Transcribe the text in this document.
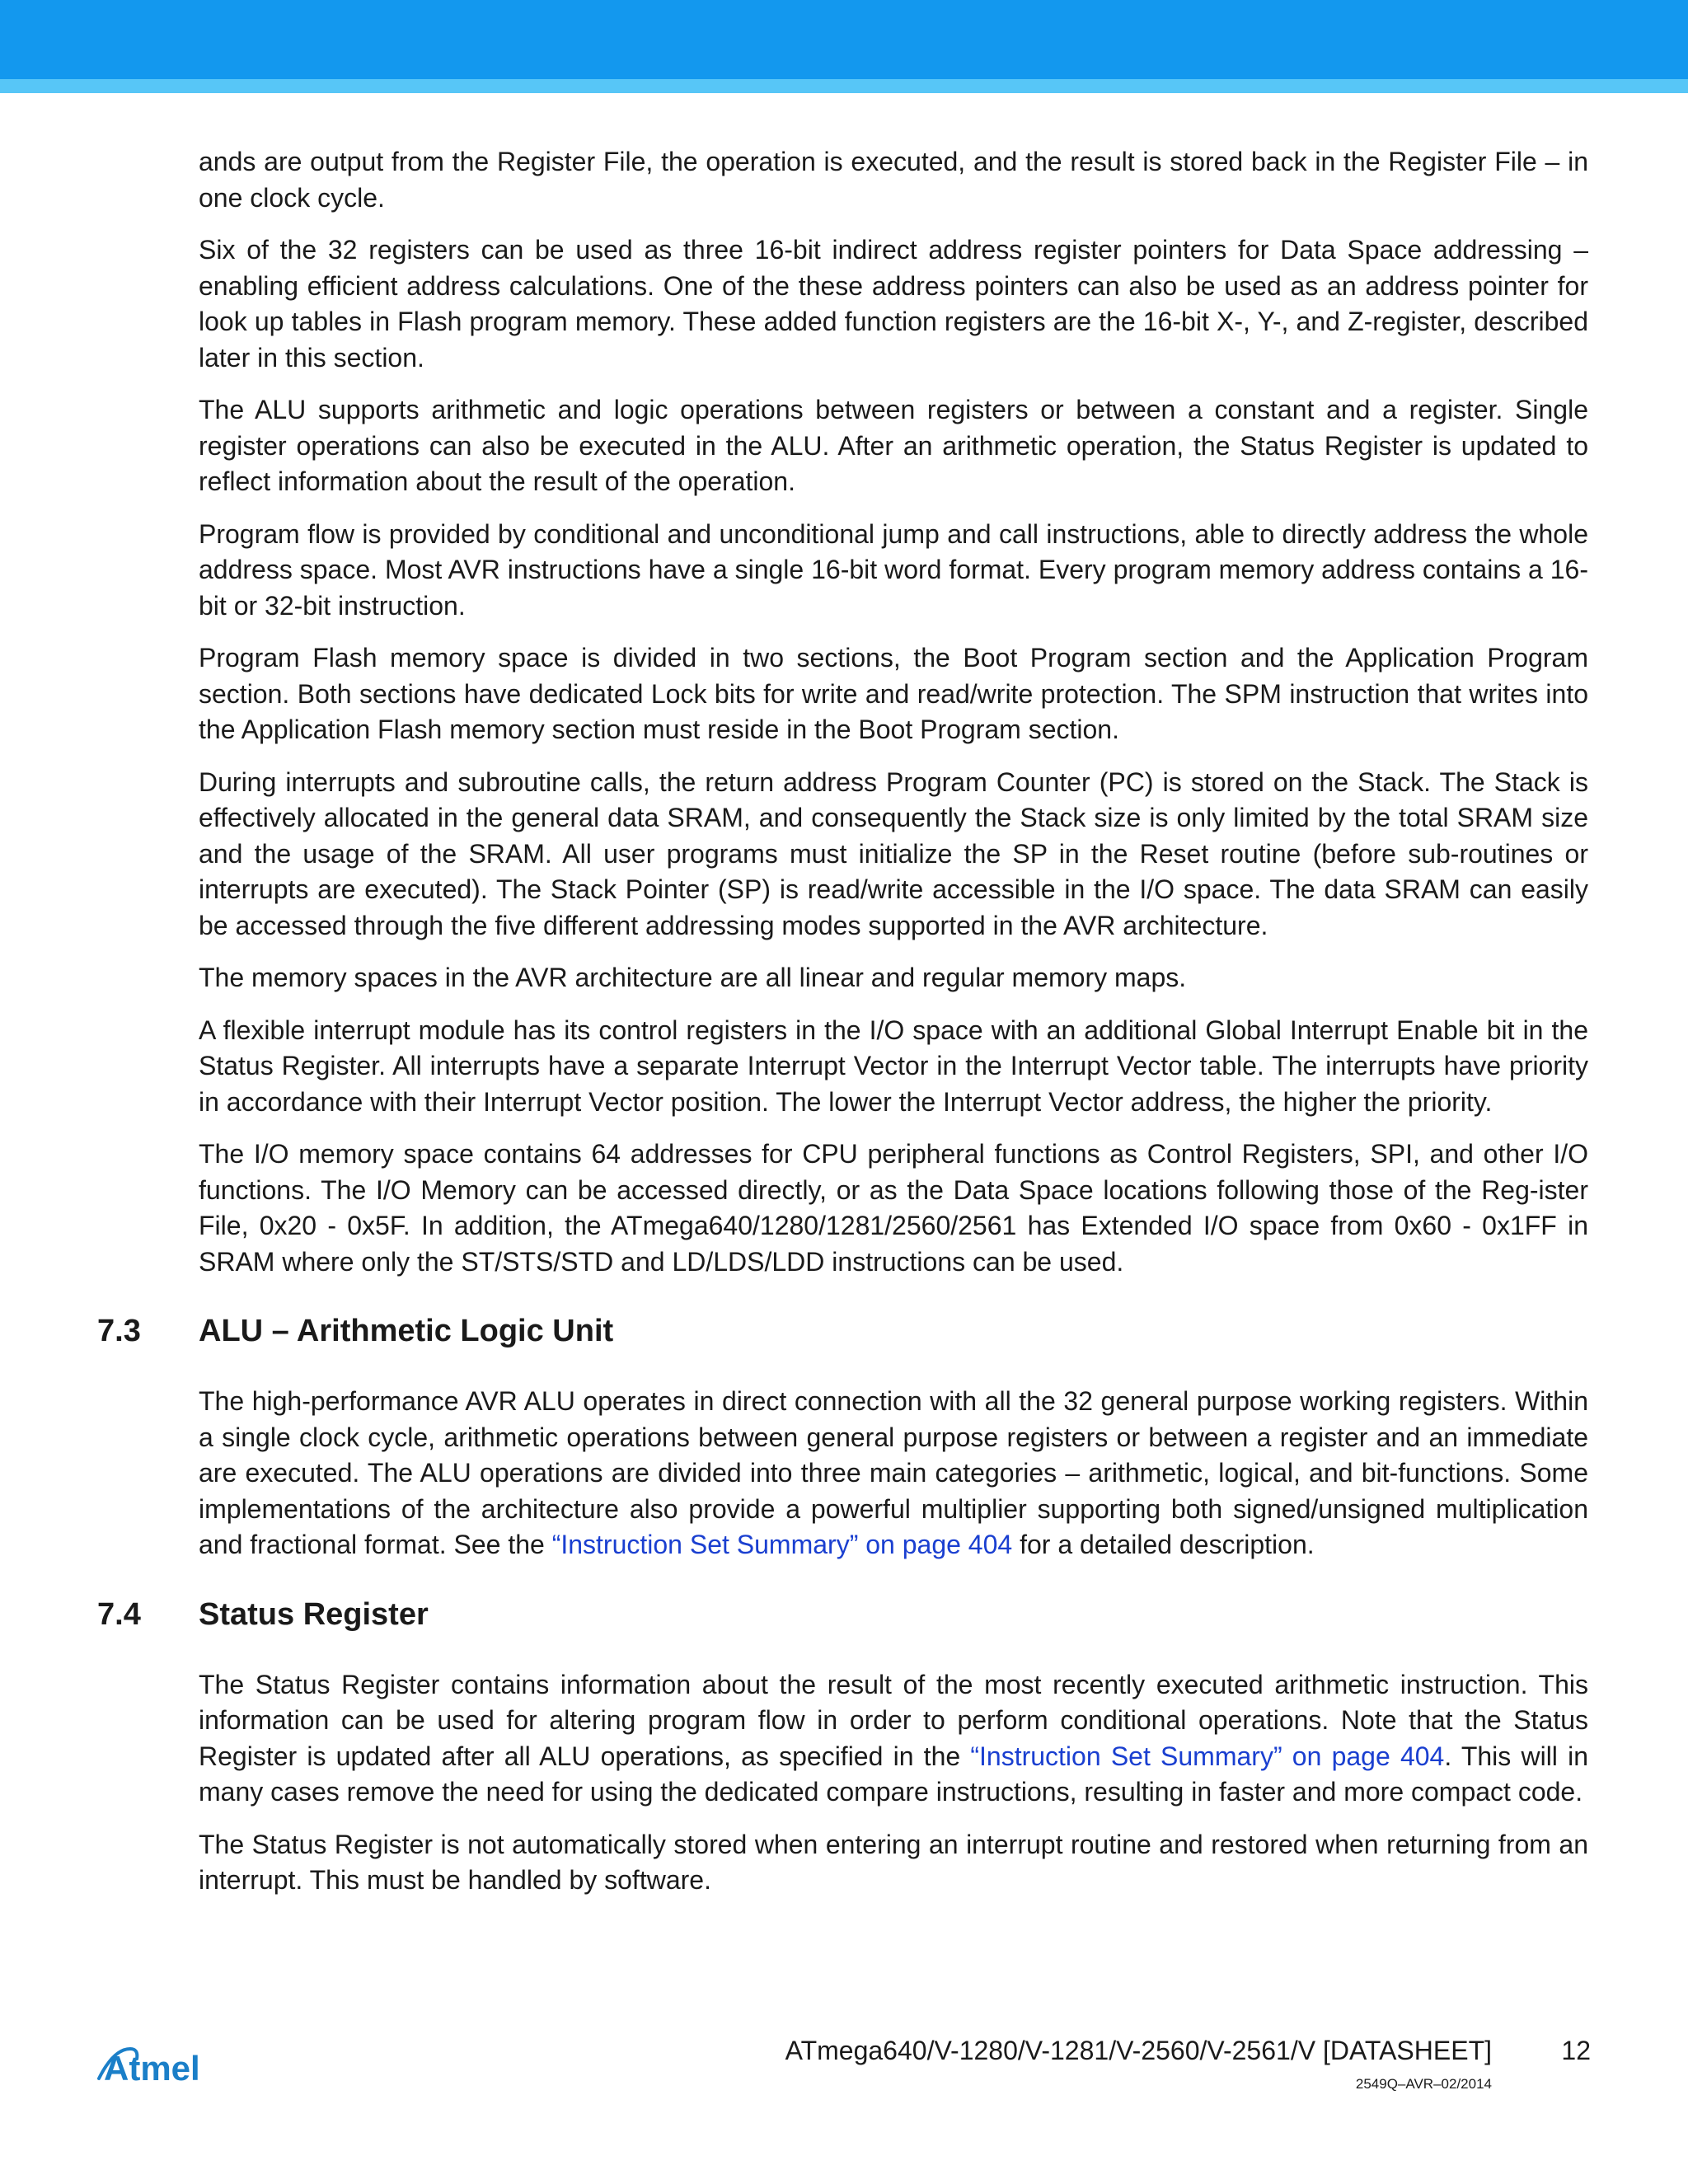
ands are output from the Register File, the operation is executed, and the result is stored back in the Register File – in one clock cycle.

Six of the 32 registers can be used as three 16-bit indirect address register pointers for Data Space addressing – enabling efficient address calculations. One of the these address pointers can also be used as an address pointer for look up tables in Flash program memory. These added function registers are the 16-bit X-, Y-, and Z-register, described later in this section.

The ALU supports arithmetic and logic operations between registers or between a constant and a register. Single register operations can also be executed in the ALU. After an arithmetic operation, the Status Register is updated to reflect information about the result of the operation.

Program flow is provided by conditional and unconditional jump and call instructions, able to directly address the whole address space. Most AVR instructions have a single 16-bit word format. Every program memory address contains a 16-bit or 32-bit instruction.

Program Flash memory space is divided in two sections, the Boot Program section and the Application Program section. Both sections have dedicated Lock bits for write and read/write protection. The SPM instruction that writes into the Application Flash memory section must reside in the Boot Program section.

During interrupts and subroutine calls, the return address Program Counter (PC) is stored on the Stack. The Stack is effectively allocated in the general data SRAM, and consequently the Stack size is only limited by the total SRAM size and the usage of the SRAM. All user programs must initialize the SP in the Reset routine (before sub-routines or interrupts are executed). The Stack Pointer (SP) is read/write accessible in the I/O space. The data SRAM can easily be accessed through the five different addressing modes supported in the AVR architecture.

The memory spaces in the AVR architecture are all linear and regular memory maps.

A flexible interrupt module has its control registers in the I/O space with an additional Global Interrupt Enable bit in the Status Register. All interrupts have a separate Interrupt Vector in the Interrupt Vector table. The interrupts have priority in accordance with their Interrupt Vector position. The lower the Interrupt Vector address, the higher the priority.

The I/O memory space contains 64 addresses for CPU peripheral functions as Control Registers, SPI, and other I/O functions. The I/O Memory can be accessed directly, or as the Data Space locations following those of the Reg-ister File, 0x20 - 0x5F. In addition, the ATmega640/1280/1281/2560/2561 has Extended I/O space from 0x60 - 0x1FF in SRAM where only the ST/STS/STD and LD/LDS/LDD instructions can be used.

7.3 ALU – Arithmetic Logic Unit

The high-performance AVR ALU operates in direct connection with all the 32 general purpose working registers. Within a single clock cycle, arithmetic operations between general purpose registers or between a register and an immediate are executed. The ALU operations are divided into three main categories – arithmetic, logical, and bit-functions. Some implementations of the architecture also provide a powerful multiplier supporting both signed/unsigned multiplication and fractional format. See the “Instruction Set Summary” on page 404 for a detailed description.

7.4 Status Register

The Status Register contains information about the result of the most recently executed arithmetic instruction. This information can be used for altering program flow in order to perform conditional operations. Note that the Status Register is updated after all ALU operations, as specified in the “Instruction Set Summary” on page 404. This will in many cases remove the need for using the dedicated compare instructions, resulting in faster and more compact code.

The Status Register is not automatically stored when entering an interrupt routine and restored when returning from an interrupt. This must be handled by software.

Atmel	ATmega640/V-1280/V-1281/V-2560/V-2561/V [DATASHEET]	12
2549Q–AVR–02/2014
